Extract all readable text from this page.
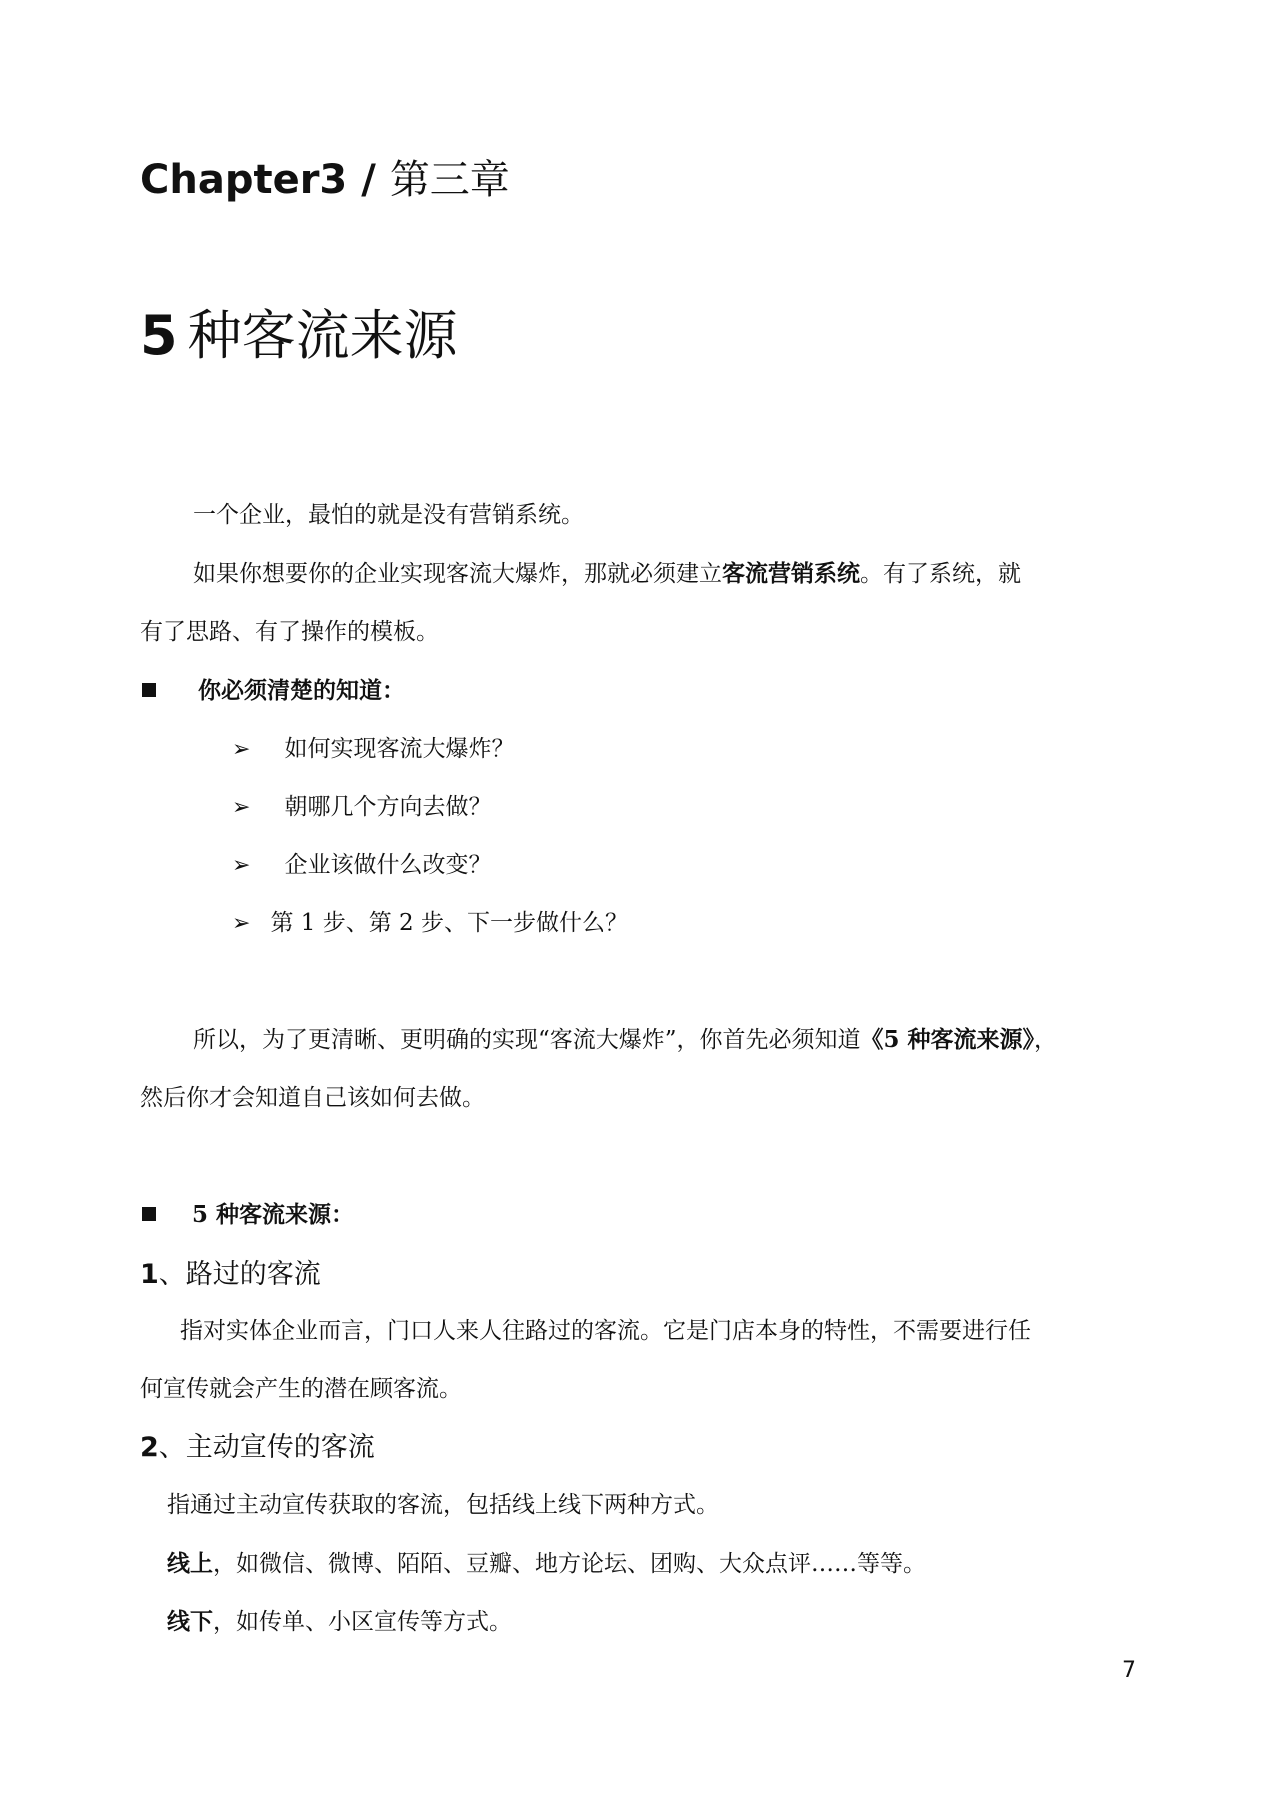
Chapter3 / 第三章
5 种客流来源
一个企业，最怕的就是没有营销系统。
如果你想要你的企业实现客流大爆炸，那就必须建立客流营销系统。有了系统，就
有了思路、有了操作的模板。
你必须清楚的知道：
➢ 如何实现客流大爆炸？
➢ 朝哪几个方向去做？
➢ 企业该做什么改变？
➢ 第 1 步、第 2 步、下一步做什么？
所以，为了更清晰、更明确的实现“客流大爆炸”，你首先必须知道《5 种客流来源》，
然后你才会知道自己该如何去做。
5 种客流来源：
1、路过的客流
指对实体企业而言，门口人来人往路过的客流。它是门店本身的特性，不需要进行任
何宣传就会产生的潜在顾客流。
2、主动宣传的客流
指通过主动宣传获取的客流，包括线上线下两种方式。
线上，如微信、微博、陌陌、豆瓣、地方论坛、团购、大众点评……等等。
线下，如传单、小区宣传等方式。
7
